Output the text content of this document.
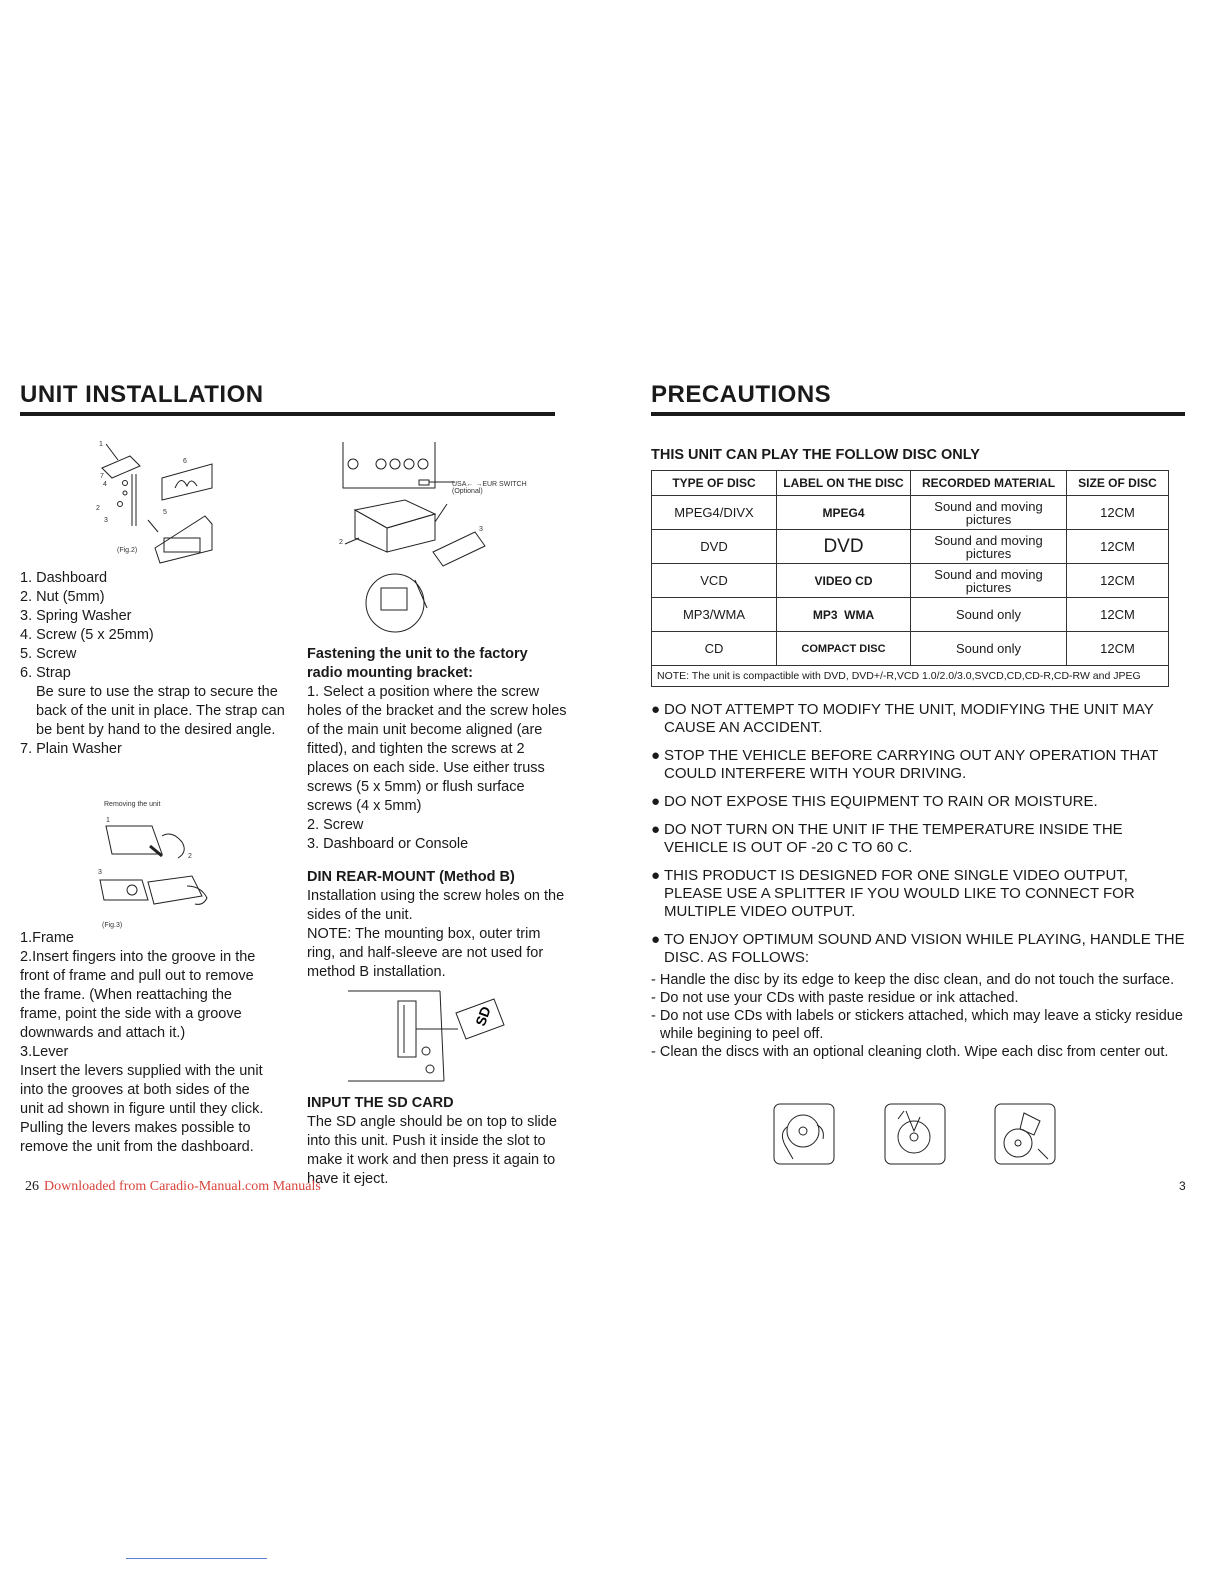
UNIT INSTALLATION
1
2
3
4
5
6
7
(Fig.2)
1. Dashboard
2. Nut (5mm)
3. Spring Washer
4. Screw (5 x 25mm)
5. Screw
6. Strap
Be sure to use the strap to secure the back of the unit in place. The strap can be bent by hand to the desired angle.
7. Plain Washer
Removing the unit
1
2
3
(Fig.3)

1.Frame

2.Insert fingers into the groove in the front of frame and pull out to remove the frame. (When reattaching the frame, point the side with a groove downwards and attach it.)

3.Lever

Insert the levers supplied with the unit into the grooves at both sides of the unit ad shown in figure until they click. Pulling the levers makes possible to remove the unit from the dashboard.

USA← →EUR SWITCH
(Optional)
2
3

Fastening the unit to the factory radio mounting bracket:

1. Select a position where the screw holes of the bracket and the screw holes of the main unit become aligned (are fitted), and tighten the screws at 2 places on each side. Use either truss screws (5 x 5mm) or flush surface screws (4 x 5mm)

2. Screw

3. Dashboard or Console

DIN REAR-MOUNT (Method B)

Installation using the screw holes on the sides of the unit.

NOTE: The mounting box, outer trim ring, and half-sleeve are not used for method B installation.

SD

INPUT THE SD CARD

The SD angle should be on top to slide into this unit. Push it inside the slot to make it work and then press it again to have it eject.

26 Downloaded from Caradio-Manual.com Manuals
PRECAUTIONS
THIS UNIT CAN PLAY THE FOLLOW DISC ONLY
TYPE OF DISC	LABEL ON THE DISC	RECORDED MATERIAL	SIZE OF DISC
MPEG4/DIVX	MPEG4	Sound and moving pictures	12CM
DVD	DVD	Sound and moving pictures	12CM
VCD	VIDEO CD	Sound and moving pictures	12CM
MP3/WMA	MP3  WMA	Sound only	12CM
CD	COMPACT DISC	Sound only	12CM
NOTE: The unit is compactible with DVD, DVD+/-R,VCD 1.0/2.0/3.0,SVCD,CD,CD-R,CD-RW and JPEG			
● DO NOT ATTEMPT TO MODIFY THE UNIT, MODIFYING THE UNIT MAY CAUSE AN ACCIDENT.
● STOP THE VEHICLE BEFORE CARRYING OUT ANY OPERATION THAT COULD INTERFERE WITH YOUR DRIVING.
● DO NOT EXPOSE THIS EQUIPMENT TO RAIN OR MOISTURE.
● DO NOT TURN ON THE UNIT IF THE TEMPERATURE INSIDE THE VEHICLE IS OUT OF -20 C TO 60 C.
● THIS PRODUCT IS DESIGNED FOR ONE SINGLE VIDEO OUTPUT, PLEASE USE A SPLITTER IF YOU WOULD LIKE TO CONNECT FOR MULTIPLE VIDEO OUTPUT.
● TO ENJOY OPTIMUM SOUND AND VISION WHILE PLAYING, HANDLE THE DISC. AS FOLLOWS:
- Handle the disc by its edge to keep the disc clean, and do not touch the surface.
- Do not use your CDs with paste residue or ink attached.
- Do not use CDs with labels or stickers attached, which may leave a sticky residue while begining to peel off.
- Clean the discs with an optional cleaning cloth. Wipe each disc from center out.
3
